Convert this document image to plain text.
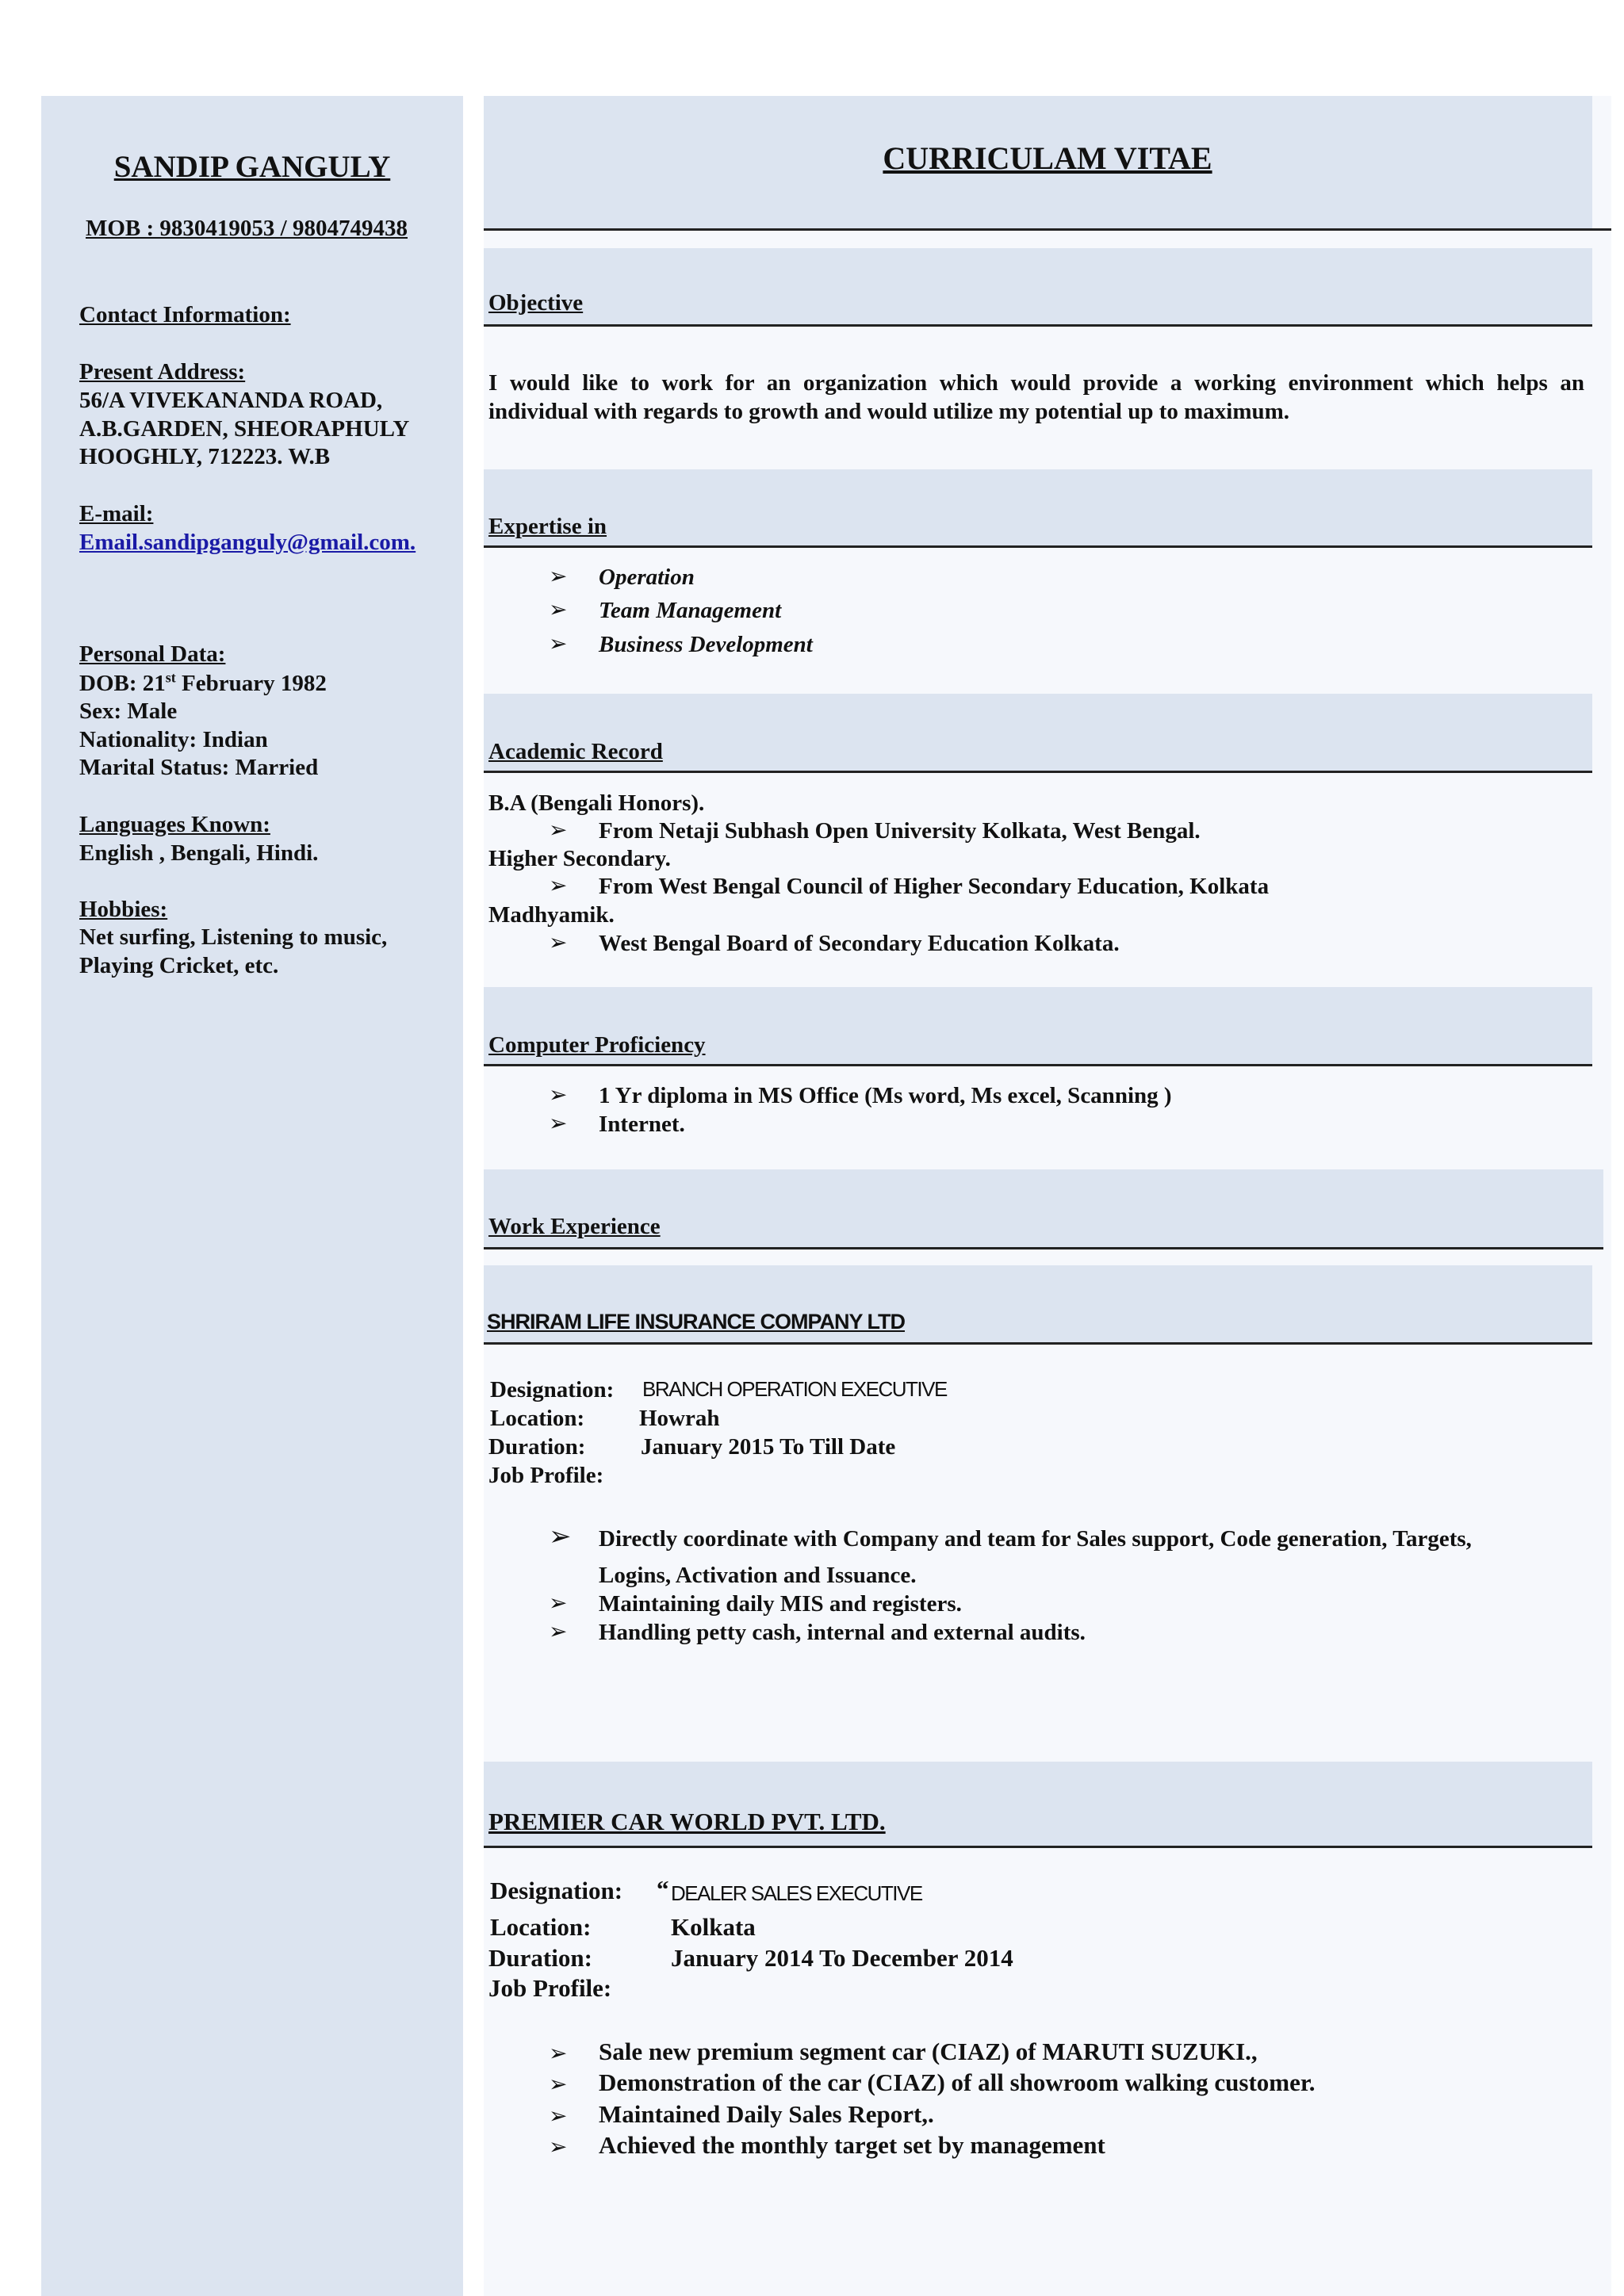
SANDIP GANGULY
MOB : 9830419053 / 9804749438
Contact Information:
Present Address:
56/A VIVEKANANDA ROAD,
A.B.GARDEN, SHEORAPHULY
HOOGHLY, 712223. W.B
E-mail:
Email.sandipganguly@gmail.com.
Personal Data:
DOB: 21st February 1982
Sex: Male
Nationality: Indian
Marital Status: Married
Languages Known:
English , Bengali, Hindi.
Hobbies:
Net surfing, Listening to music,
Playing Cricket, etc.
CURRICULAM VITAE
Objective
I would like to work for an organization which would provide a working environment which helps an
individual with regards to growth and would utilize my potential up to maximum.
Expertise in
➢ Operation
➢ Team Management
➢ Business Development
Academic Record
B.A (Bengali Honors).
➢ From Netaji Subhash Open University Kolkata, West Bengal.
Higher Secondary.
➢ From West Bengal Council of Higher Secondary Education, Kolkata
Madhyamik.
➢ West Bengal Board of Secondary Education Kolkata.
Computer Proficiency
➢ 1 Yr diploma in MS Office (Ms word, Ms excel, Scanning )
➢ Internet.
Work Experience
SHRIRAM LIFE INSURANCE COMPANY LTD
Designation: BRANCH OPERATION EXECUTIVE
Location: Howrah
Duration: January 2015 To Till Date
Job Profile:
➢ Directly coordinate with Company and team for Sales support, Code generation, Targets,
Logins, Activation and Issuance.
➢ Maintaining daily MIS and registers.
➢ Handling petty cash, internal and external audits.
PREMIER CAR WORLD PVT. LTD.
Designation: “ DEALER SALES EXECUTIVE
Location:	Kolkata
Duration:	January 2014 To December 2014
Job Profile:
➢ Sale new premium segment car (CIAZ) of MARUTI SUZUKI.,
➢ Demonstration of the car (CIAZ) of all showroom walking customer.
➢ Maintained Daily Sales Report,.
➢ Achieved the monthly target set by management
